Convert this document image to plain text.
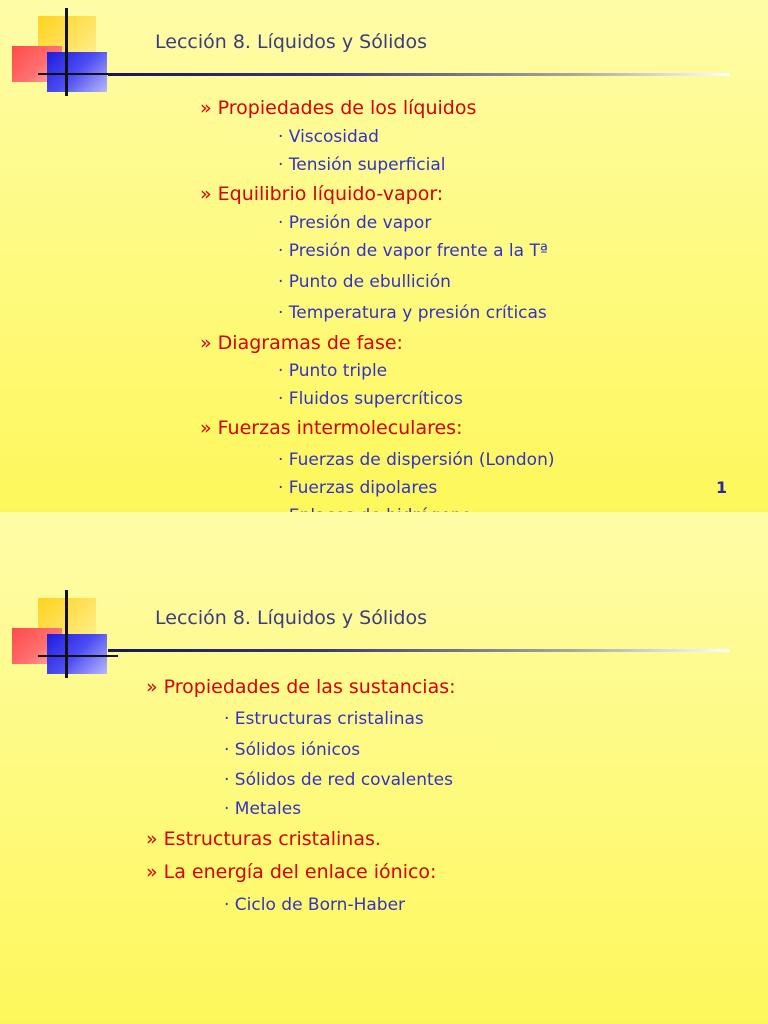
Lección 8. Líquidos y Sólidos
» Propiedades de los líquidos
· Viscosidad
· Tensión superficial
» Equilibrio líquido-vapor:
· Presión de vapor
· Presión de vapor frente a la Tª
· Punto de ebullición
· Temperatura y presión críticas
» Diagramas de fase:
· Punto triple
· Fluidos supercríticos
» Fuerzas intermoleculares:
· Fuerzas de dispersión (London)
· Fuerzas dipolares	1
Lección 8. Líquidos y Sólidos
» Propiedades de las sustancias:
· Estructuras cristalinas
· Sólidos iónicos
· Sólidos de red covalentes
· Metales
» Estructuras cristalinas.
» La energía del enlace iónico:
· Ciclo de Born-Haber
